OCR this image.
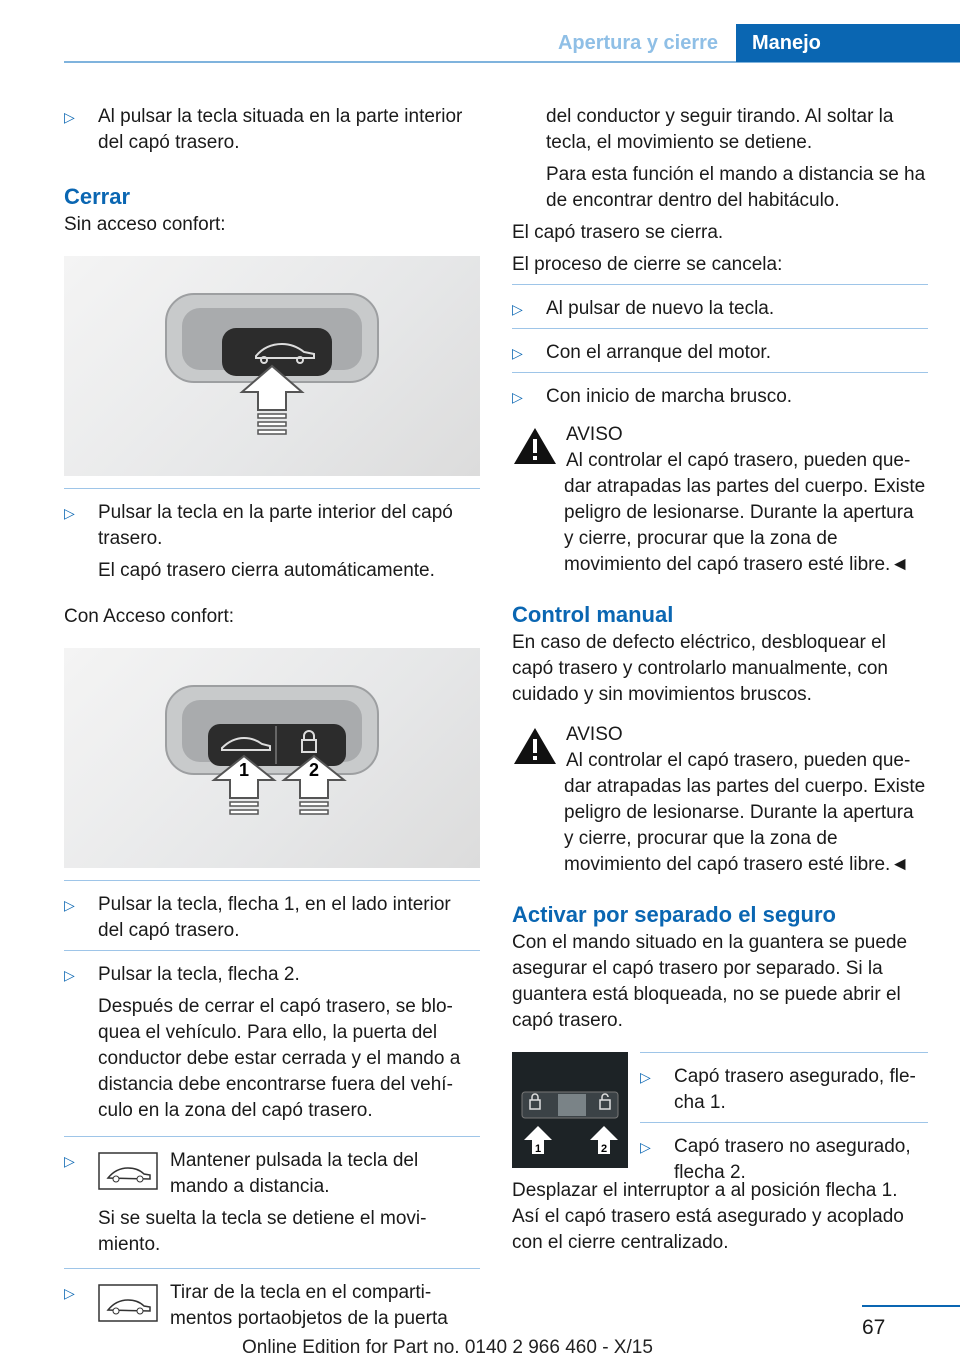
Apertura y cierre	Manejo
▷ Al pulsar la tecla situada en la parte interior del capó trasero.
Cerrar

Sin acceso confort:

▷ Pulsar la tecla en la parte interior del capó trasero.
El capó trasero cierra automáticamente.

Con Acceso confort:

1	2
▷ Pulsar la tecla, flecha 1, en el lado interior del capó trasero.
▷ Pulsar la tecla, flecha 2.
Después de cerrar el capó trasero, se bloquea el vehículo. Para ello, la puerta del conductor debe estar cerrada y el mando a distancia debe encontrarse fuera del vehículo en la zona del capó trasero.
▷	Mantener pulsada la tecla del mando a distancia.
Si se suelta la tecla se detiene el movimiento.
▷	Tirar de la tecla en el compartimentos portaobjetos de la puerta

del conductor y seguir tirando. Al soltar la tecla, el movimiento se detiene.

Para esta función el mando a distancia se ha de encontrar dentro del habitáculo.

El capó trasero se cierra.

El proceso de cierre se cancela:

▷ Al pulsar de nuevo la tecla.
▷ Con el arranque del motor.
▷ Con inicio de marcha brusco.
AVISO
Al controlar el capó trasero, pueden quedar atrapadas las partes del cuerpo. Existe peligro de lesionarse. Durante la apertura y cierre, procurar que la zona de movimiento del capó trasero esté libre.◄
Control manual

En caso de defecto eléctrico, desbloquear el capó trasero y controlarlo manualmente, con cuidado y sin movimientos bruscos.

AVISO
Al controlar el capó trasero, pueden quedar atrapadas las partes del cuerpo. Existe peligro de lesionarse. Durante la apertura y cierre, procurar que la zona de movimiento del capó trasero esté libre.◄
Activar por separado el seguro

Con el mando situado en la guantera se puede asegurar el capó trasero por separado. Si la guantera está bloqueada, no se puede abrir el capó trasero.

1	2
▷ Capó trasero asegurado, flecha 1.
▷ Capó trasero no asegurado, flecha 2.

Desplazar el interruptor a al posición flecha 1. Así el capó trasero está asegurado y acoplado con el cierre centralizado.

67
Online Edition for Part no. 0140 2 966 460 - X/15
